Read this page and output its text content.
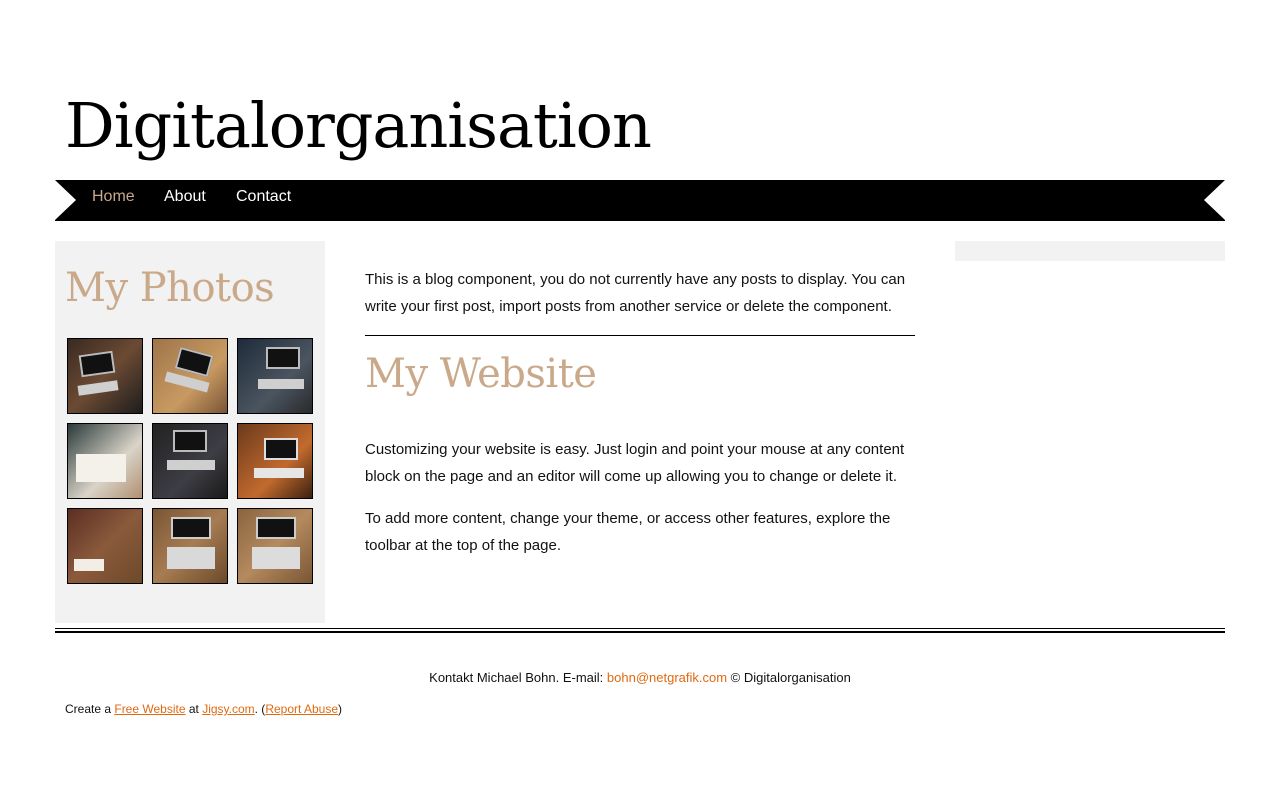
Digitalorganisation
Home About Contact
My Photos	This is a blog component, you do not currently have any posts to display. You can write your first post, import posts from another service or delete the component.

My Website

Customizing your website is easy. Just login and point your mouse at any content block on the page and an editor will come up allowing you to change or delete it.

To add more content, change your theme, or access other features, explore the toolbar at the top of the page.

Kontakt Michael Bohn. E-mail: bohn@netgrafik.com © Digitalorganisation
Create a Free Website at Jigsy.com. (Report Abuse)
